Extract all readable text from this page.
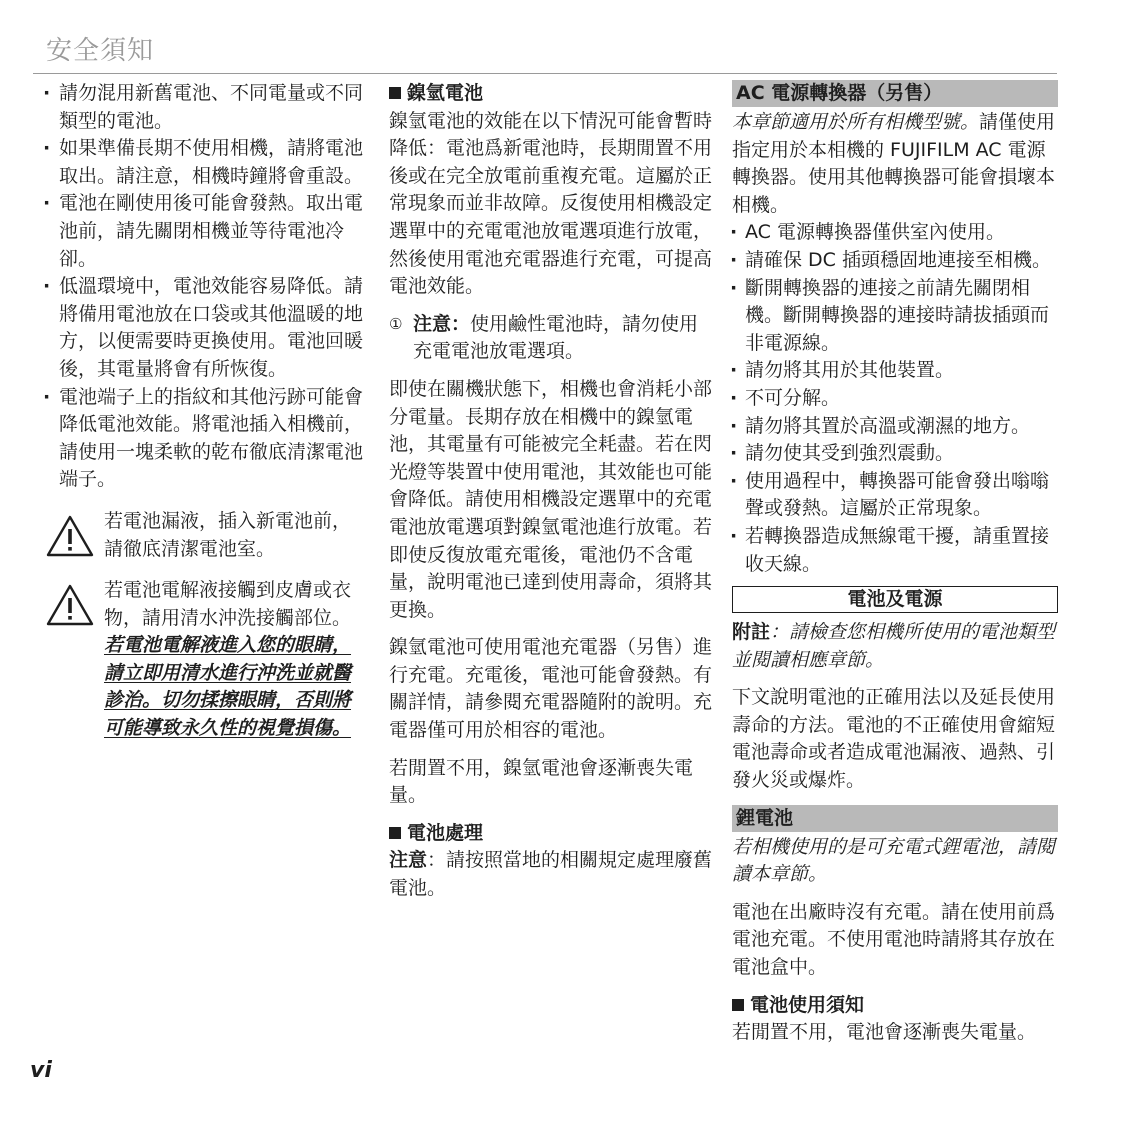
安全須知
· 請勿混用新舊電池、不同電量或不同類型的電池。
· 如果準備長期不使用相機，請將電池取出。請注意，相機時鐘將會重設。
· 電池在剛使用後可能會發熱。取出電池前，請先關閉相機並等待電池冷卻。
· 低溫環境中，電池效能容易降低。請將備用電池放在口袋或其他溫暖的地方，以便需要時更換使用。電池回暖後，其電量將會有所恢復。
· 電池端子上的指紋和其他污跡可能會降低電池效能。將電池插入相機前，請使用一塊柔軟的乾布徹底清潔電池端子。
若電池漏液，插入新電池前，請徹底清潔電池室。
若電池電解液接觸到皮膚或衣物，請用清水沖洗接觸部位。
若電池電解液進入您的眼睛，請立即用清水進行沖洗並就醫診治。切勿揉擦眼睛，否則將可能導致永久性的視覺損傷。
鎳氫電池

鎳氫電池的效能在以下情況可能會暫時降低：電池爲新電池時，長期閒置不用後或在完全放電前重複充電。這屬於正常現象而並非故障。反復使用相機設定選單中的充電電池放電選項進行放電，然後使用電池充電器進行充電，可提高電池效能。

① 注意：使用鹼性電池時，請勿使用充電電池放電選項。

即使在關機狀態下，相機也會消耗小部分電量。長期存放在相機中的鎳氫電池，其電量有可能被完全耗盡。若在閃光燈等裝置中使用電池，其效能也可能會降低。請使用相機設定選單中的充電電池放電選項對鎳氫電池進行放電。若即使反復放電充電後，電池仍不含電量，說明電池已達到使用壽命，須將其更換。

鎳氫電池可使用電池充電器（另售）進行充電。充電後，電池可能會發熱。有關詳情，請參閱充電器隨附的說明。充電器僅可用於相容的電池。

若閒置不用，鎳氫電池會逐漸喪失電量。

電池處理

注意：請按照當地的相關規定處理廢舊電池。

AC 電源轉換器（另售）

本章節適用於所有相機型號。請僅使用指定用於本相機的 FUJIFILM AC 電源轉換器。使用其他轉換器可能會損壞本相機。

· AC 電源轉換器僅供室內使用。
· 請確保 DC 插頭穩固地連接至相機。
· 斷開轉換器的連接之前請先關閉相機。斷開轉換器的連接時請拔插頭而非電源線。
· 請勿將其用於其他裝置。
· 不可分解。
· 請勿將其置於高溫或潮濕的地方。
· 請勿使其受到強烈震動。
· 使用過程中，轉換器可能會發出嗡嗡聲或發熱。這屬於正常現象。
· 若轉換器造成無線電干擾，請重置接收天線。
電池及電源

附註：請檢查您相機所使用的電池類型並閱讀相應章節。

下文說明電池的正確用法以及延長使用壽命的方法。電池的不正確使用會縮短電池壽命或者造成電池漏液、過熱、引發火災或爆炸。

鋰電池

若相機使用的是可充電式鋰電池，請閱讀本章節。

電池在出廠時沒有充電。請在使用前爲電池充電。不使用電池時請將其存放在電池盒中。

電池使用須知

若閒置不用，電池會逐漸喪失電量。

vi
